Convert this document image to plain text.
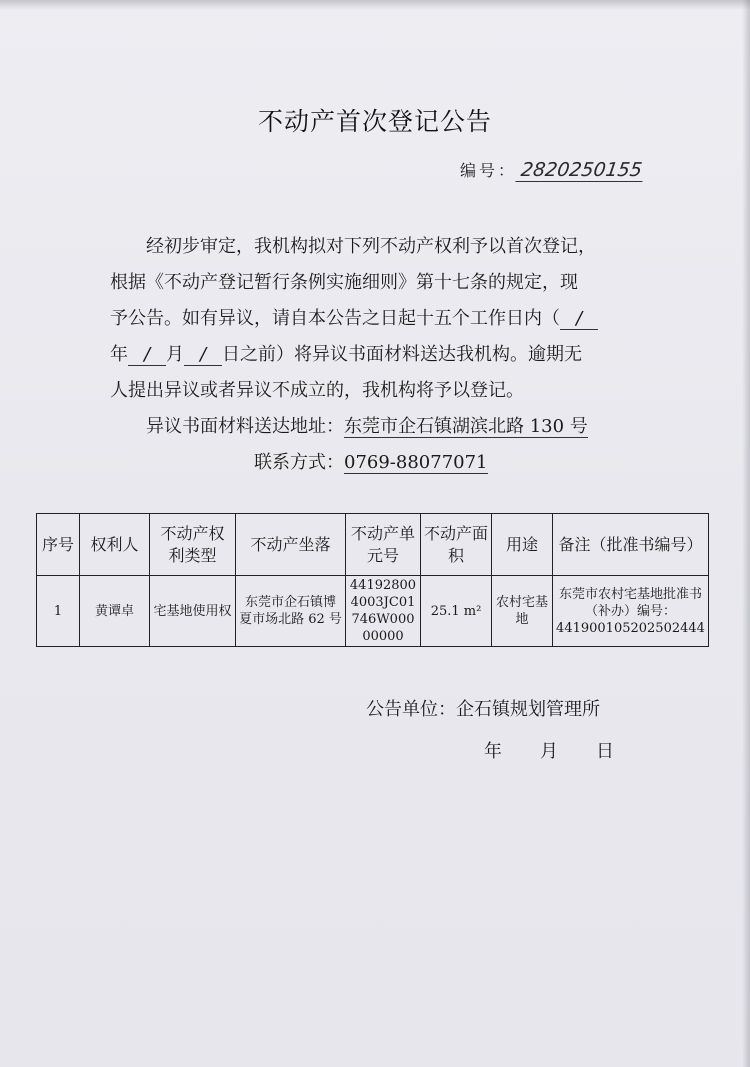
不动产首次登记公告
编号： 2820250155
经初步审定，我机构拟对下列不动产权利予以首次登记，
根据《不动产登记暂行条例实施细则》第十七条的规定，现
予公告。如有异议，请自本公告之日起十五个工作日内（ /
年 / 月 / 日之前）将异议书面材料送达我机构。逾期无
人提出异议或者异议不成立的，我机构将予以登记。
异议书面材料送达地址：东莞市企石镇湖滨北路 130 号
联系方式：0769-88077071
序号	权利人	不动产权利类型	不动产坐落	不动产单元号	不动产面积	用途	备注（批准书编号）
1	黄谭卓	宅基地使用权	东莞市企石镇博夏市场北路 62 号	441928004003JC01746W00000000	25.1 m²	农村宅基地	东莞市农村宅基地批准书（补办）编号：441900105202502444
公告单位：企石镇规划管理所
年 月 日
